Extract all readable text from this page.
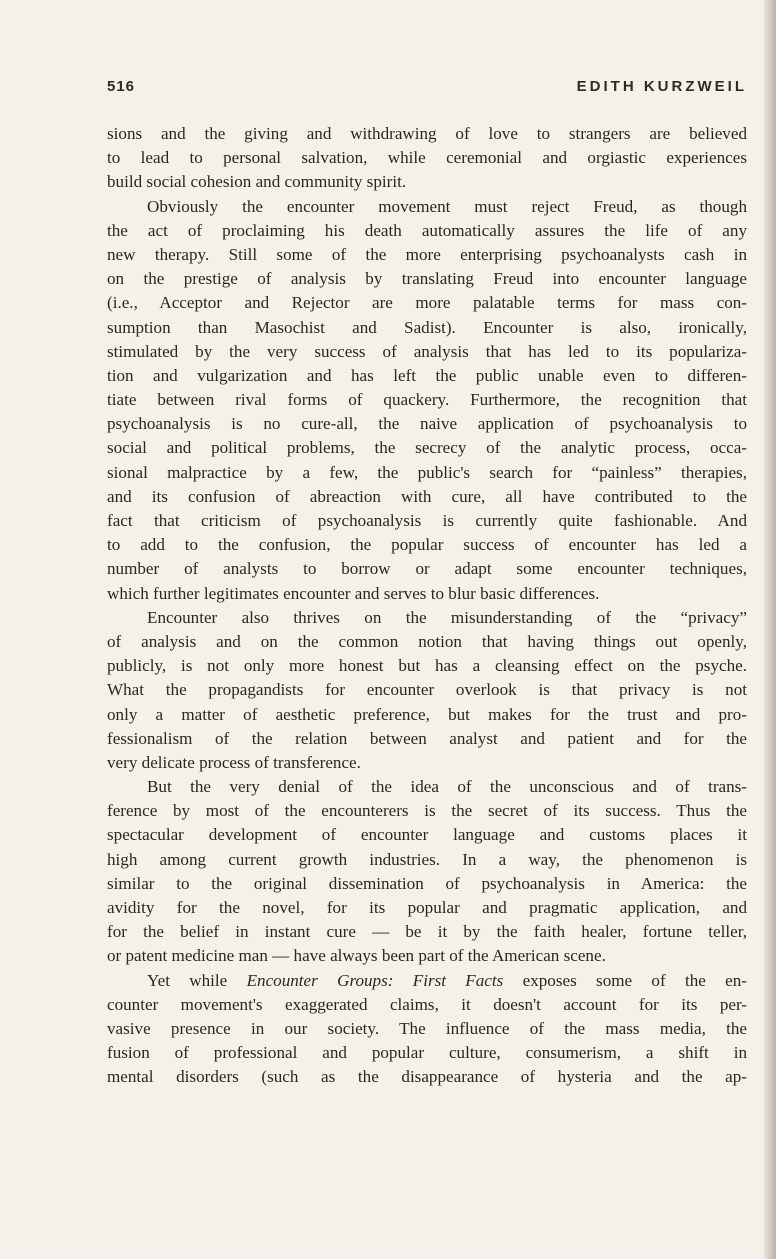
516	EDITH KURZWEIL
sions and the giving and withdrawing of love to strangers are believed
to lead to personal salvation, while ceremonial and orgiastic experiences
build social cohesion and community spirit.
Obviously the encounter movement must reject Freud, as though
the act of proclaiming his death automatically assures the life of any
new therapy. Still some of the more enterprising psychoanalysts cash in
on the prestige of analysis by translating Freud into encounter language
(i.e., Acceptor and Rejector are more palatable terms for mass con-
sumption than Masochist and Sadist). Encounter is also, ironically,
stimulated by the very success of analysis that has led to its populariza-
tion and vulgarization and has left the public unable even to differen-
tiate between rival forms of quackery. Furthermore, the recognition that
psychoanalysis is no cure-all, the naive application of psychoanalysis to
social and political problems, the secrecy of the analytic process, occa-
sional malpractice by a few, the public's search for “painless” therapies,
and its confusion of abreaction with cure, all have contributed to the
fact that criticism of psychoanalysis is currently quite fashionable. And
to add to the confusion, the popular success of encounter has led a
number of analysts to borrow or adapt some encounter techniques,
which further legitimates encounter and serves to blur basic differences.
Encounter also thrives on the misunderstanding of the “privacy”
of analysis and on the common notion that having things out openly,
publicly, is not only more honest but has a cleansing effect on the psyche.
What the propagandists for encounter overlook is that privacy is not
only a matter of aesthetic preference, but makes for the trust and pro-
fessionalism of the relation between analyst and patient and for the
very delicate process of transference.
But the very denial of the idea of the unconscious and of trans-
ference by most of the encounterers is the secret of its success. Thus the
spectacular development of encounter language and customs places it
high among current growth industries. In a way, the phenomenon is
similar to the original dissemination of psychoanalysis in America: the
avidity for the novel, for its popular and pragmatic application, and
for the belief in instant cure — be it by the faith healer, fortune teller,
or patent medicine man — have always been part of the American scene.
Yet while Encounter Groups: First Facts exposes some of the en-
counter movement's exaggerated claims, it doesn't account for its per-
vasive presence in our society. The influence of the mass media, the
fusion of professional and popular culture, consumerism, a shift in
mental disorders (such as the disappearance of hysteria and the ap-
